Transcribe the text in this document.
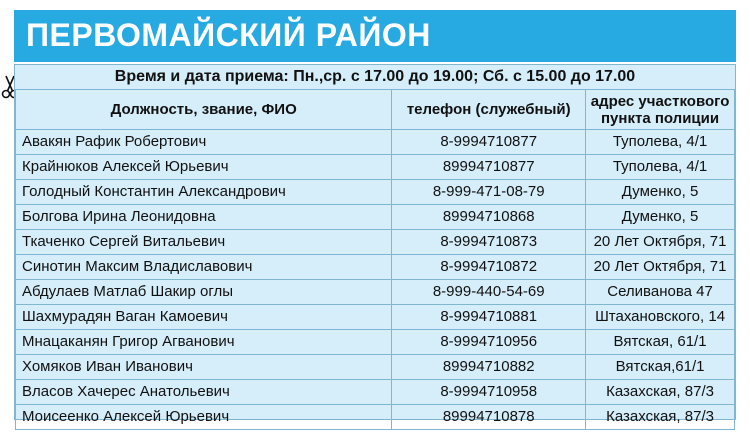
ПЕРВОМАЙСКИЙ РАЙОН
Время и дата приема: Пн.,ср. с 17.00 до 19.00; Сб. с 15.00 до 17.00
Должность, звание, ФИО	телефон (служебный)	адрес участкового пункта полиции
Авакян Рафик Робертович	8-9994710877	Туполева, 4/1
Крайнюков Алексей Юрьевич	89994710877	Туполева, 4/1
Голодный Константин Александрович	8-999-471-08-79	Думенко, 5
Болгова Ирина Леонидовна	89994710868	Думенко, 5
Ткаченко Сергей Витальевич	8-9994710873	20 Лет Октября, 71
Синотин Максим Владиславович	8-9994710872	20 Лет Октября, 71
Абдулаев Матлаб Шакир оглы	8-999-440-54-69	Селиванова 47
Шахмурадян Ваган Камоевич	8-9994710881	Штахановского, 14
Мнацаканян Григор Агванович	8-9994710956	Вятская, 61/1
Хомяков Иван Иванович	89994710882	Вятская,61/1
Власов Хачерес Анатольевич	8-9994710958	Казахская, 87/3
Моисеенко Алексей Юрьевич	89994710878	Казахская, 87/3
